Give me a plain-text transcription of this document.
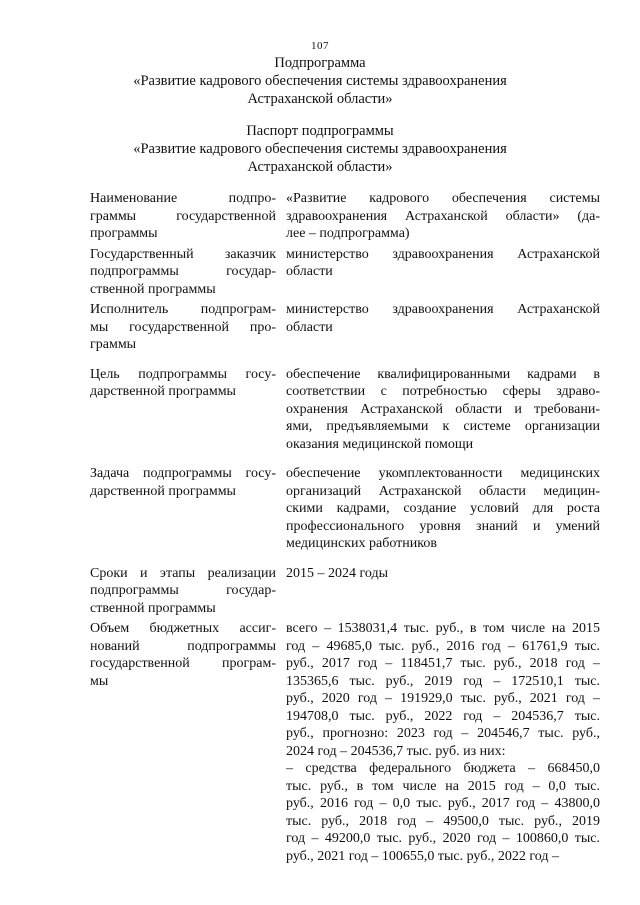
107
Подпрограмма
«Развитие кадрового обеспечения системы здравоохранения
Астраханской области»
Паспорт подпрограммы
«Развитие кадрового обеспечения системы здравоохранения
Астраханской области»
Наименование подпро-
граммы государственной
программы
«Развитие кадрового обеспечения системы
здравоохранения Астраханской области» (да-
лее – подпрограмма)
Государственный заказчик
подпрограммы государ-
ственной программы
министерство здравоохранения Астраханской
области
Исполнитель подпрограм-
мы государственной про-
граммы
министерство здравоохранения Астраханской
области
Цель подпрограммы госу-
дарственной программы
обеспечение квалифицированными кадрами в
соответствии с потребностью сферы здраво-
охранения Астраханской области и требовани-
ями, предъявляемыми к системе организации
оказания медицинской помощи
Задача подпрограммы госу-
дарственной программы
обеспечение укомплектованности медицинских
организаций Астраханской области медицин-
скими кадрами, создание условий для роста
профессионального уровня знаний и умений
медицинских работников
Сроки и этапы реализации
подпрограммы государ-
ственной программы
2015 – 2024 годы
Объем бюджетных ассиг-
нований подпрограммы
государственной програм-
мы
всего – 1538031,4 тыс. руб., в том числе на 2015
год – 49685,0 тыс. руб., 2016 год – 61761,9 тыс.
руб., 2017 год – 118451,7 тыс. руб., 2018 год –
135365,6 тыс. руб., 2019 год – 172510,1 тыс.
руб., 2020 год – 191929,0 тыс. руб., 2021 год –
194708,0 тыс. руб., 2022 год – 204536,7 тыс.
руб., прогнозно: 2023 год – 204546,7 тыс. руб.,
2024 год – 204536,7 тыс. руб. из них:
– средства федерального бюджета – 668450,0
тыс. руб., в том числе на 2015 год – 0,0 тыс.
руб., 2016 год – 0,0 тыс. руб., 2017 год – 43800,0
тыс. руб., 2018 год – 49500,0 тыс. руб., 2019
год – 49200,0 тыс. руб., 2020 год – 100860,0 тыс.
руб., 2021 год – 100655,0 тыс. руб., 2022 год –
